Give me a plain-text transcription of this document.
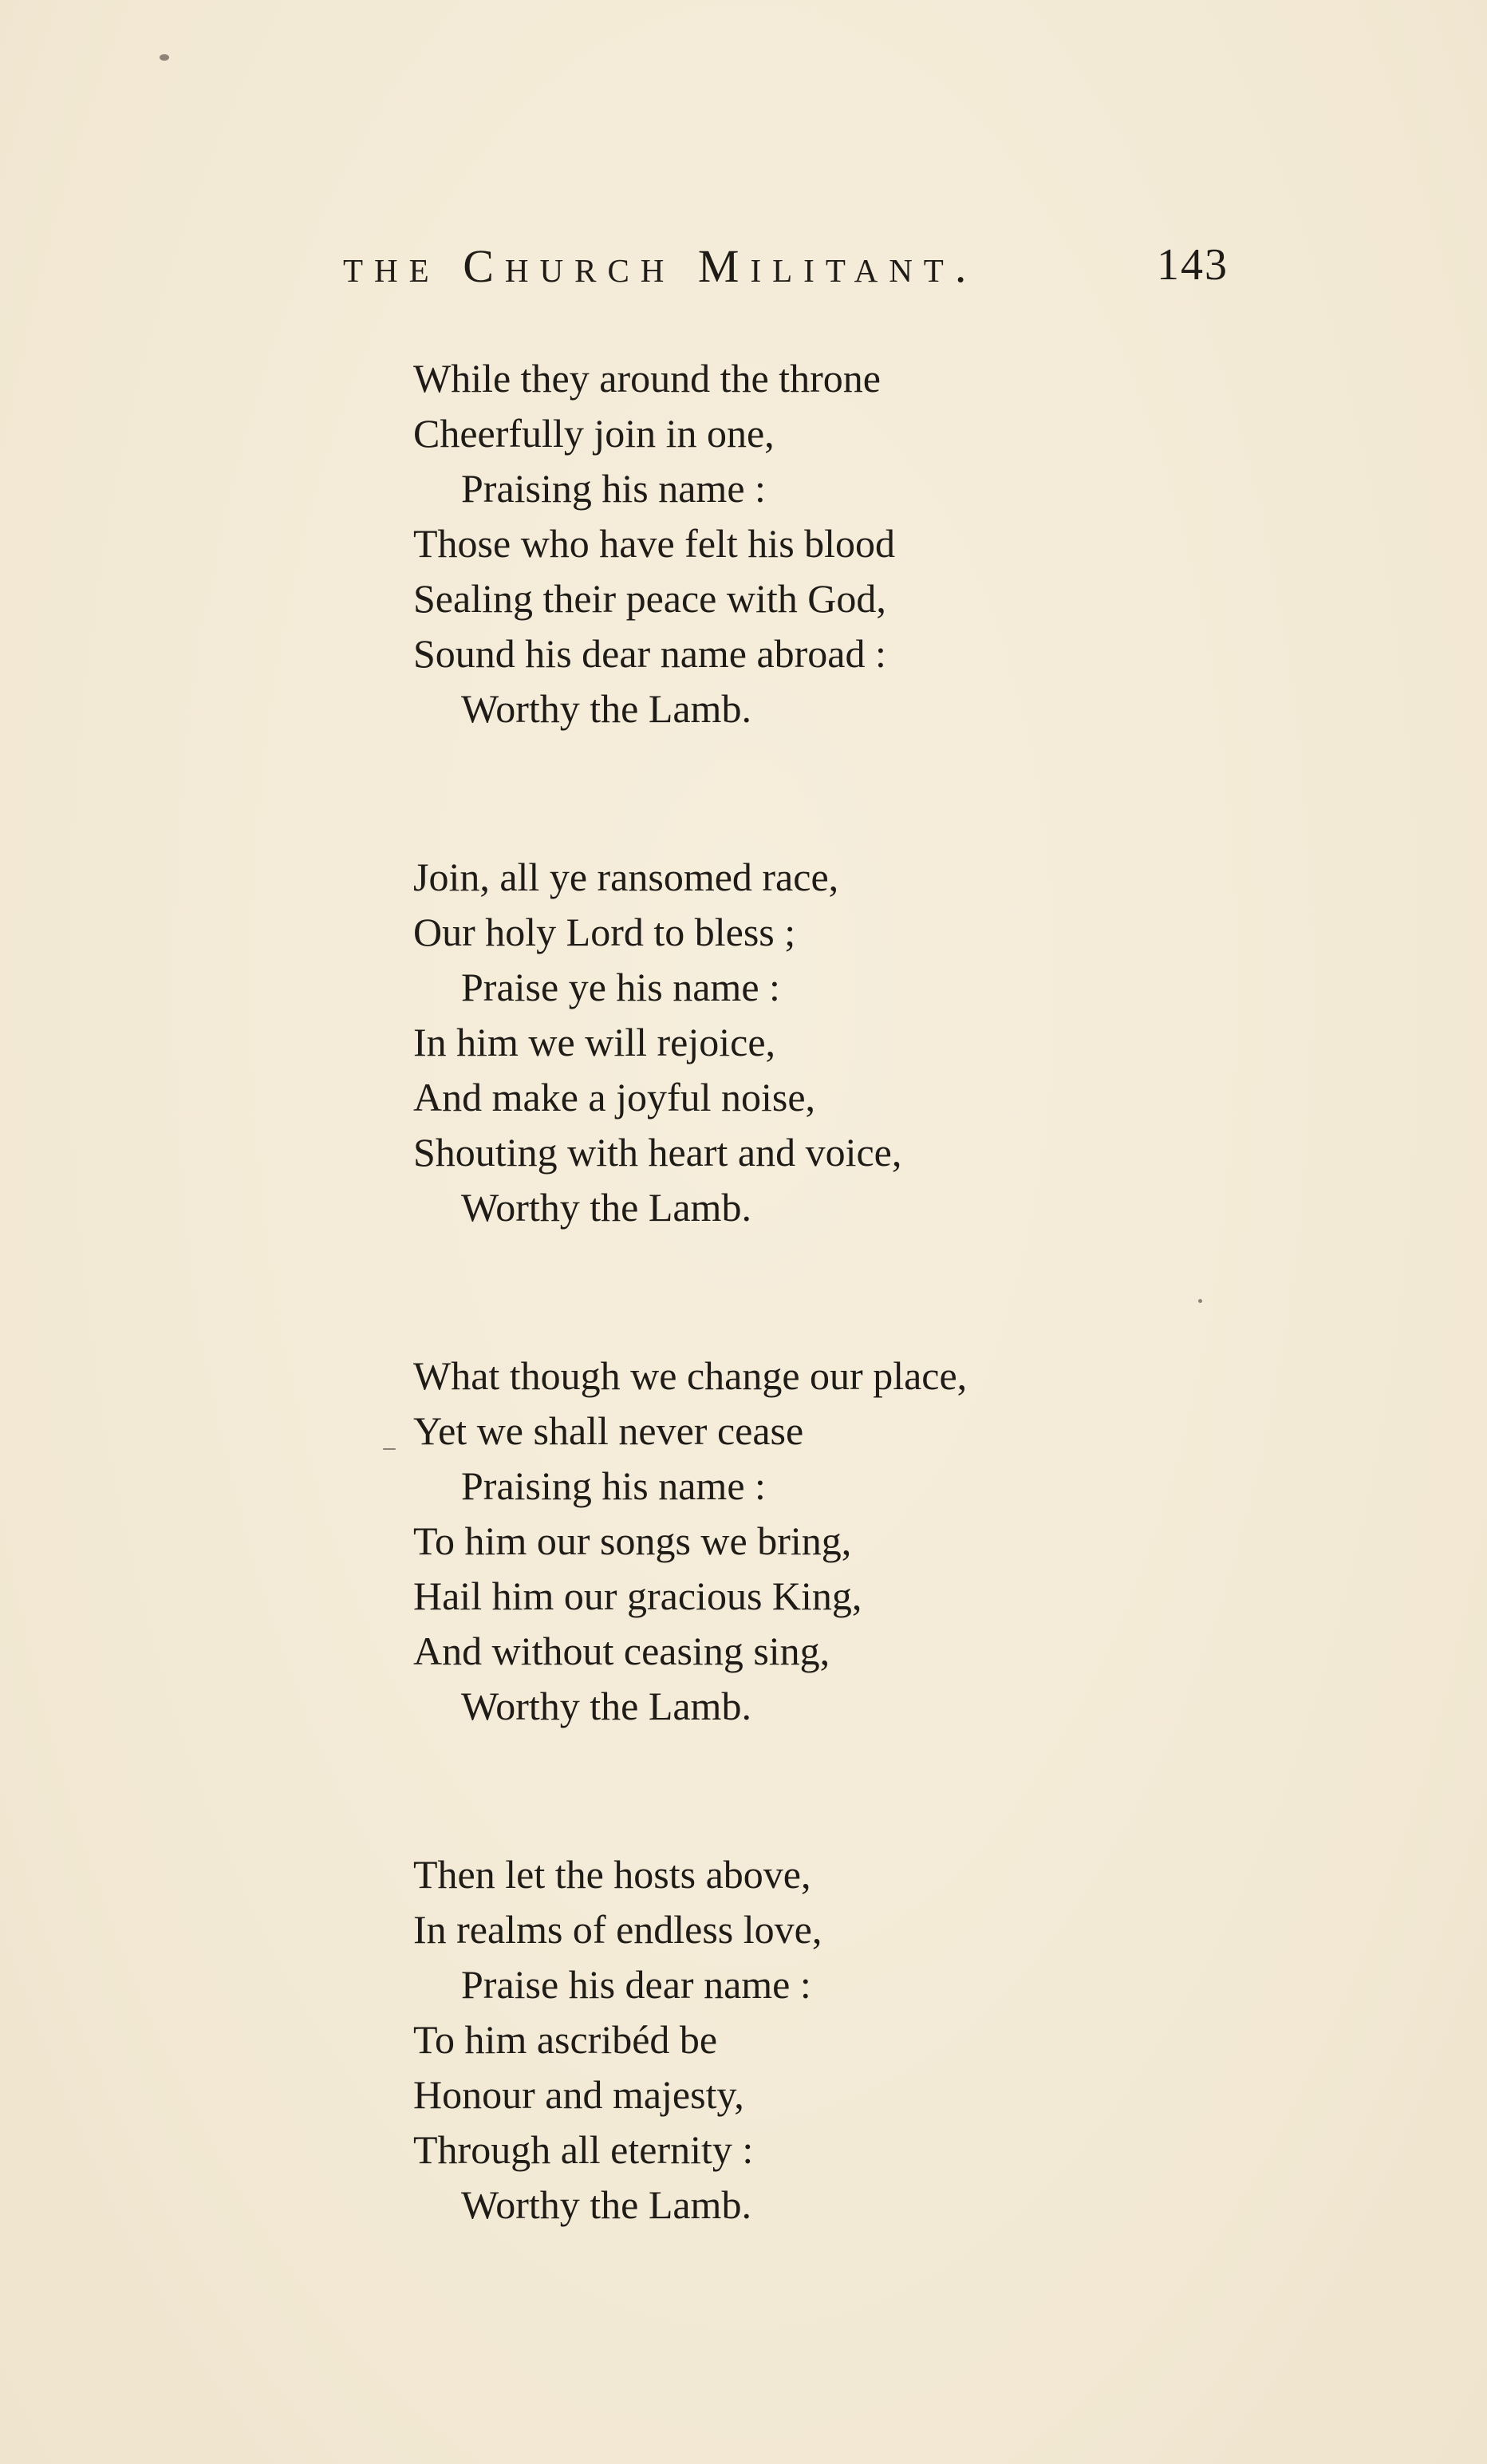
the Church Militant.	143
While they around the throne
Cheerfully join in one,
Praising his name :
Those who have felt his blood
Sealing their peace with God,
Sound his dear name abroad :
Worthy the Lamb.
Join, all ye ransomed race,
Our holy Lord to bless ;
Praise ye his name :
In him we will rejoice,
And make a joyful noise,
Shouting with heart and voice,
Worthy the Lamb.
What though we change our place,
Yet we shall never cease
Praising his name :
To him our songs we bring,
Hail him our gracious King,
And without ceasing sing,
Worthy the Lamb.
Then let the hosts above,
In realms of endless love,
Praise his dear name :
To him ascribéd be
Honour and majesty,
Through all eternity :
Worthy the Lamb.
